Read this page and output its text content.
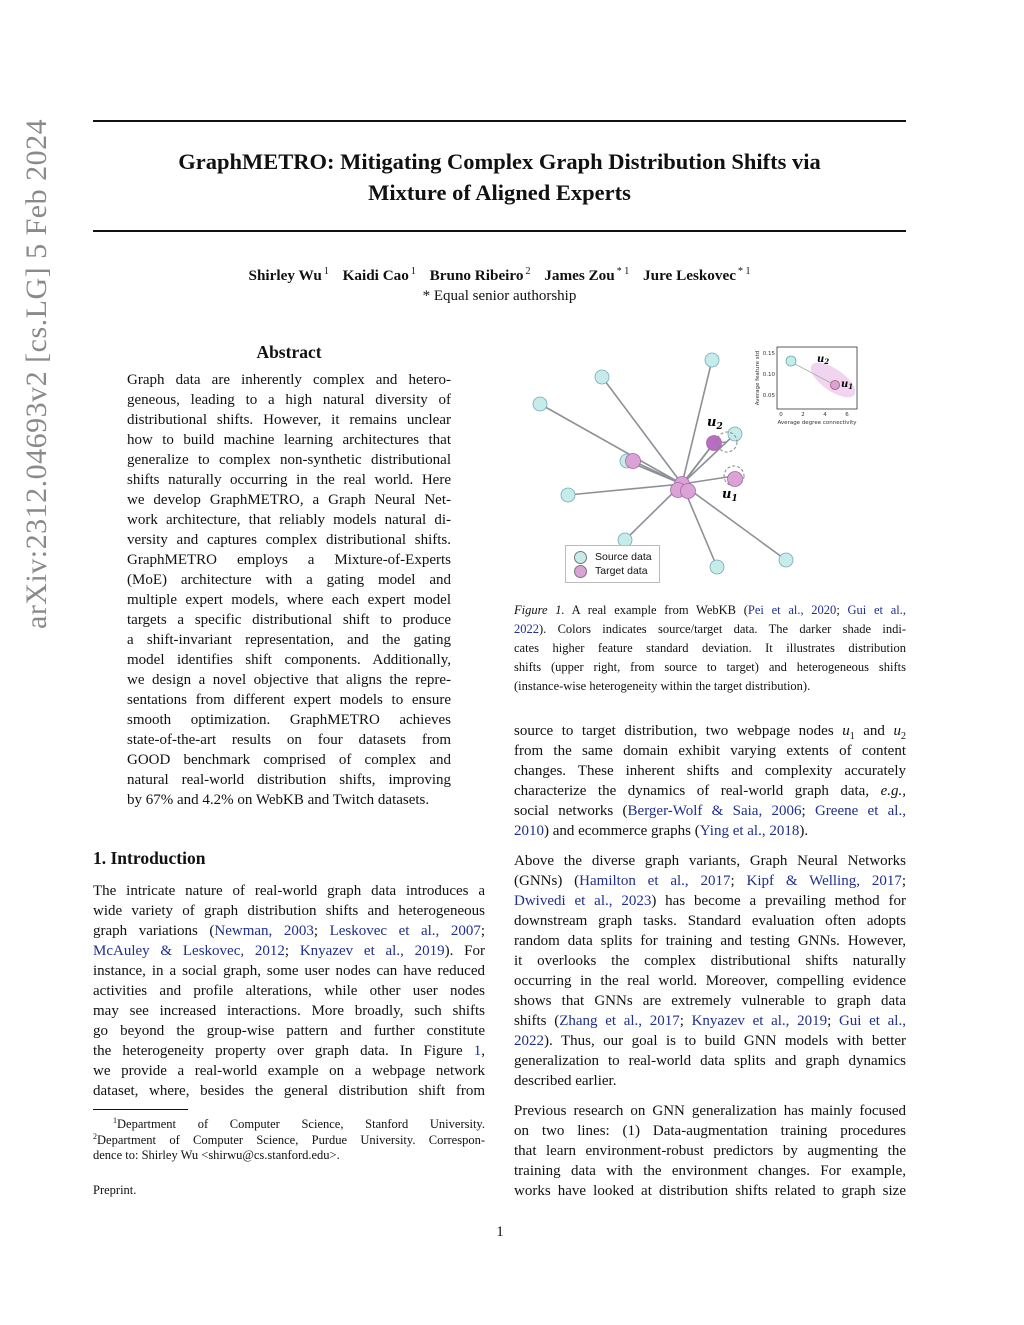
GraphMETRO: Mitigating Complex Graph Distribution Shifts via
Mixture of Aligned Experts
Shirley Wu $^1$ Kaidi Cao $^1$ Bruno Ribeiro $^2$ James Zou $^{* 1}$ Jure Leskovec $^{* 1}$
* Equal senior authorship
arXiv:2312.04693v2 [cs.LG] 5 Feb 2024	Abstract
Graph data are inherently complex and hetero-
geneous, leading to a high natural diversity of
distributional shifts. However, it remains unclear
how to build machine learning architectures that
generalize to complex non-synthetic distributional
shifts naturally occurring in the real world. Here
we develop GraphMETRO, a Graph Neural Net-
work architecture, that reliably models natural di-
versity and captures complex distributional shifts.
GraphMETRO employs a Mixture-of-Experts
(MoE) architecture with a gating model and
multiple expert models, where each expert model
targets a specific distributional shift to produce
a shift-invariant representation, and the gating
model identifies shift components. Additionally,
we design a novel objective that aligns the repre-
sentations from different expert models to ensure
smooth optimization. GraphMETRO achieves
state-of-the-art results on four datasets from
GOOD benchmark comprised of complex and
natural real-world distribution shifts, improving
by 67% and 4.2% on WebKB and Twitch datasets.
1. Introduction
The intricate nature of real-world graph data introduces a
wide variety of graph distribution shifts and heterogeneous
graph variations (Newman, 2003; Leskovec et al., 2007;
McAuley & Leskovec, 2012; Knyazev et al., 2019). For
instance, in a social graph, some user nodes can have reduced
activities and profile alterations, while other user nodes
may see increased interactions. More broadly, such shifts
go beyond the group-wise pattern and further constitute
the heterogeneity property over graph data. In Figure 1,
we provide a real-world example on a webpage network
dataset, where, besides the general distribution shift from
$^1$Department of Computer Science, Stanford University.
$^2$Department of Computer Science, Purdue University. Correspon-
dence to: Shirley Wu <shirwu@cs.stanford.edu>.
Preprint.
1
$u_2$
$u_1$
0.15
0.10
0.05
0	2	4	6
Average degree connectivity
Average feature std
$u_2$
$u_1$
Source data
Target data
Figure 1. A real example from WebKB (Pei et al., 2020; Gui et al.,
2022). Colors indicates source/target data. The darker shade indi-
cates higher feature standard deviation. It illustrates distribution
shifts (upper right, from source to target) and heterogeneous shifts
(instance-wise heterogeneity within the target distribution).
source to target distribution, two webpage nodes $u_1$ and $u_2$
from the same domain exhibit varying extents of content
changes. These inherent shifts and complexity accurately
characterize the dynamics of real-world graph data, e.g.,
social networks (Berger-Wolf & Saia, 2006; Greene et al.,
2010) and ecommerce graphs (Ying et al., 2018).
Above the diverse graph variants, Graph Neural Networks
(GNNs) (Hamilton et al., 2017; Kipf & Welling, 2017;
Dwivedi et al., 2023) has become a prevailing method for
downstream graph tasks. Standard evaluation often adopts
random data splits for training and testing GNNs. However,
it overlooks the complex distributional shifts naturally
occurring in the real world. Moreover, compelling evidence
shows that GNNs are extremely vulnerable to graph data
shifts (Zhang et al., 2017; Knyazev et al., 2019; Gui et al.,
2022). Thus, our goal is to build GNN models with better
generalization to real-world data splits and graph dynamics
described earlier.
Previous research on GNN generalization has mainly focused
on two lines: (1) Data-augmentation training procedures
that learn environment-robust predictors by augmenting the
training data with the environment changes. For example,
works have looked at distribution shifts related to graph size
